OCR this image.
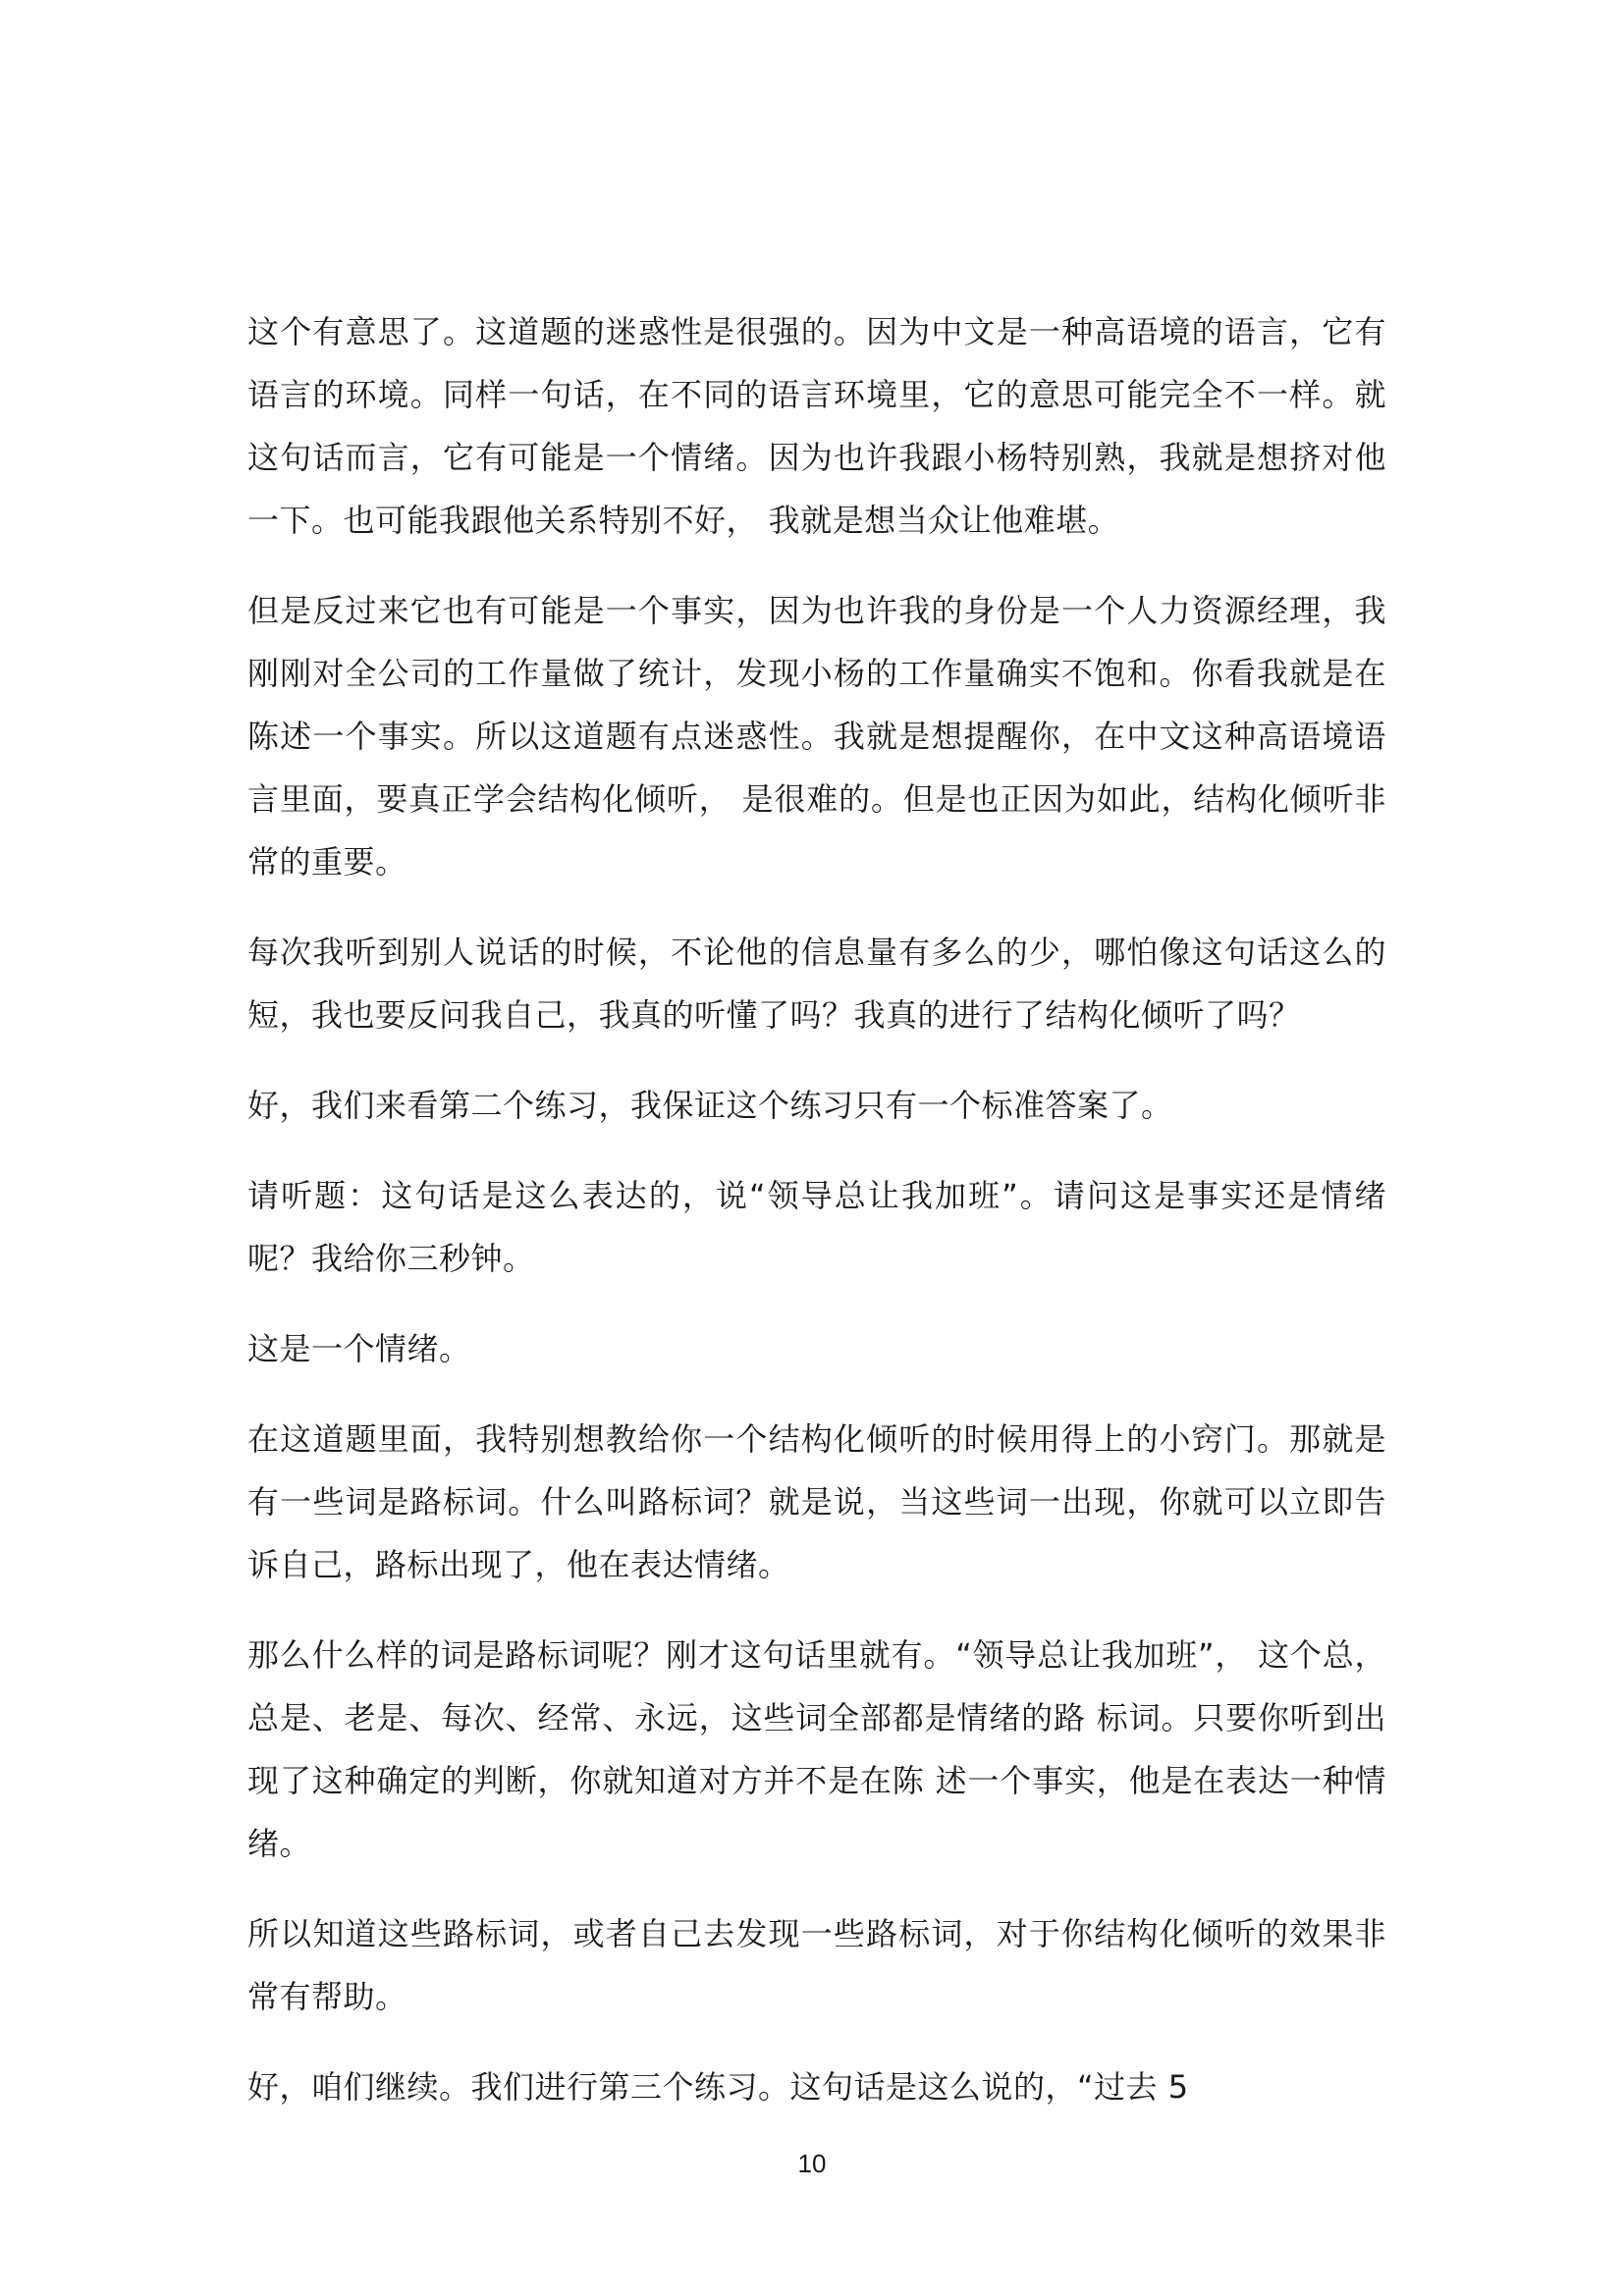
这个有意思了。这道题的迷惑性是很强的。因为中文是一种高语境的语言，它有语言的环境。同样一句话，在不同的语言环境里，它的意思可能完全不一样。就这句话而言，它有可能是一个情绪。因为也许我跟小杨特别熟，我就是想挤对他一下。也可能我跟他关系特别不好， 我就是想当众让他难堪。

但是反过来它也有可能是一个事实，因为也许我的身份是一个人力资源经理，我刚刚对全公司的工作量做了统计，发现小杨的工作量确实不饱和。你看我就是在陈述一个事实。所以这道题有点迷惑性。我就是想提醒你，在中文这种高语境语言里面，要真正学会结构化倾听， 是很难的。但是也正因为如此，结构化倾听非常的重要。

每次我听到别人说话的时候，不论他的信息量有多么的少，哪怕像这句话这么的短，我也要反问我自己，我真的听懂了吗？我真的进行了结构化倾听了吗？

好，我们来看第二个练习，我保证这个练习只有一个标准答案了。

请听题：这句话是这么表达的，说“领导总让我加班”。请问这是事实还是情绪呢？我给你三秒钟。

这是一个情绪。

在这道题里面，我特别想教给你一个结构化倾听的时候用得上的小窍门。那就是有一些词是路标词。什么叫路标词？就是说，当这些词一出现，你就可以立即告诉自己，路标出现了，他在表达情绪。

那么什么样的词是路标词呢？刚才这句话里就有。“领导总让我加班”， 这个总，总是、老是、每次、经常、永远，这些词全部都是情绪的路 标词。只要你听到出现了这种确定的判断，你就知道对方并不是在陈 述一个事实，他是在表达一种情绪。

所以知道这些路标词，或者自己去发现一些路标词，对于你结构化倾听的效果非常有帮助。

好，咱们继续。我们进行第三个练习。这句话是这么说的，“过去 5

10
